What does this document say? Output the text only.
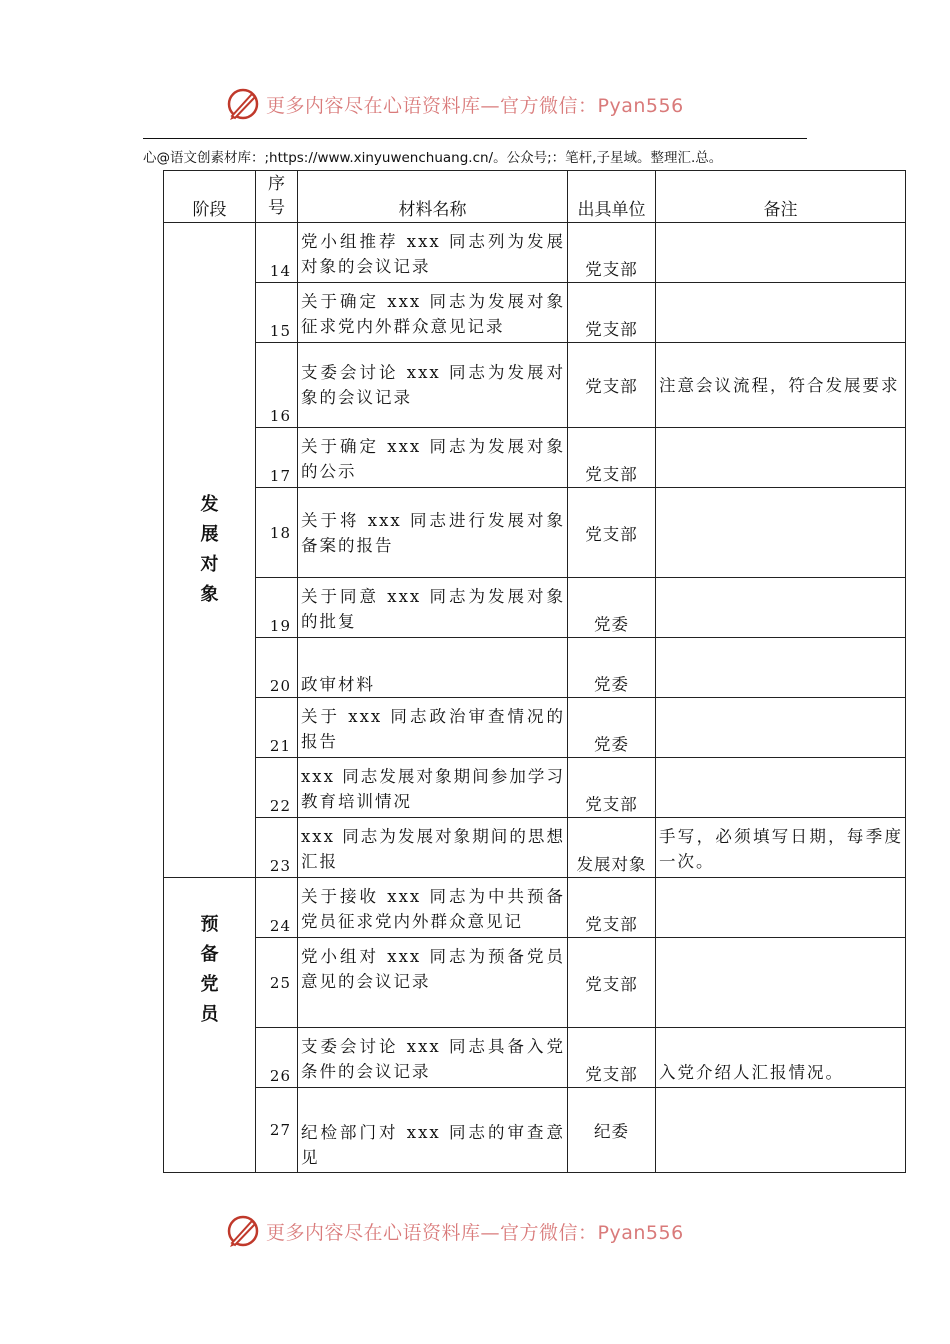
更多内容尽在心语资料库—官方微信：Pyan556
心@语文创素材库：;https://www.xinyuwenchuang.cn/。公众号;：笔杆,子星域。整理汇.总。
阶段	序号	材料名称	出具单位	备注

发展对象	14	党小组推荐 xxx 同志列为发展对象的会议记录	党支部	
	15	关于确定 xxx 同志为发展对象征求党内外群众意见记录	党支部	
	16	支委会讨论 xxx 同志为发展对象的会议记录	党支部	注意会议流程，符合发展要求
	17	关于确定 xxx 同志为发展对象的公示	党支部	
	18	关于将 xxx 同志进行发展对象备案的报告	党支部	
	19	关于同意 xxx 同志为发展对象的批复	党委	
	20	政审材料	党委	
	21	关于 xxx 同志政治审查情况的报告	党委	
	22	xxx 同志发展对象期间参加学习教育培训情况	党支部	
	23	xxx 同志为发展对象期间的思想汇报	发展对象	手写，必须填写日期，每季度一次。

预备党员	24	关于接收 xxx 同志为中共预备党员征求党内外群众意见记	党支部	
	25	党小组对 xxx 同志为预备党员意见的会议记录	党支部	
	26	支委会讨论 xxx 同志具备入党条件的会议记录	党支部	入党介绍人汇报情况。
	27	纪检部门对 xxx 同志的审查意见	纪委	
更多内容尽在心语资料库—官方微信：Pyan556
